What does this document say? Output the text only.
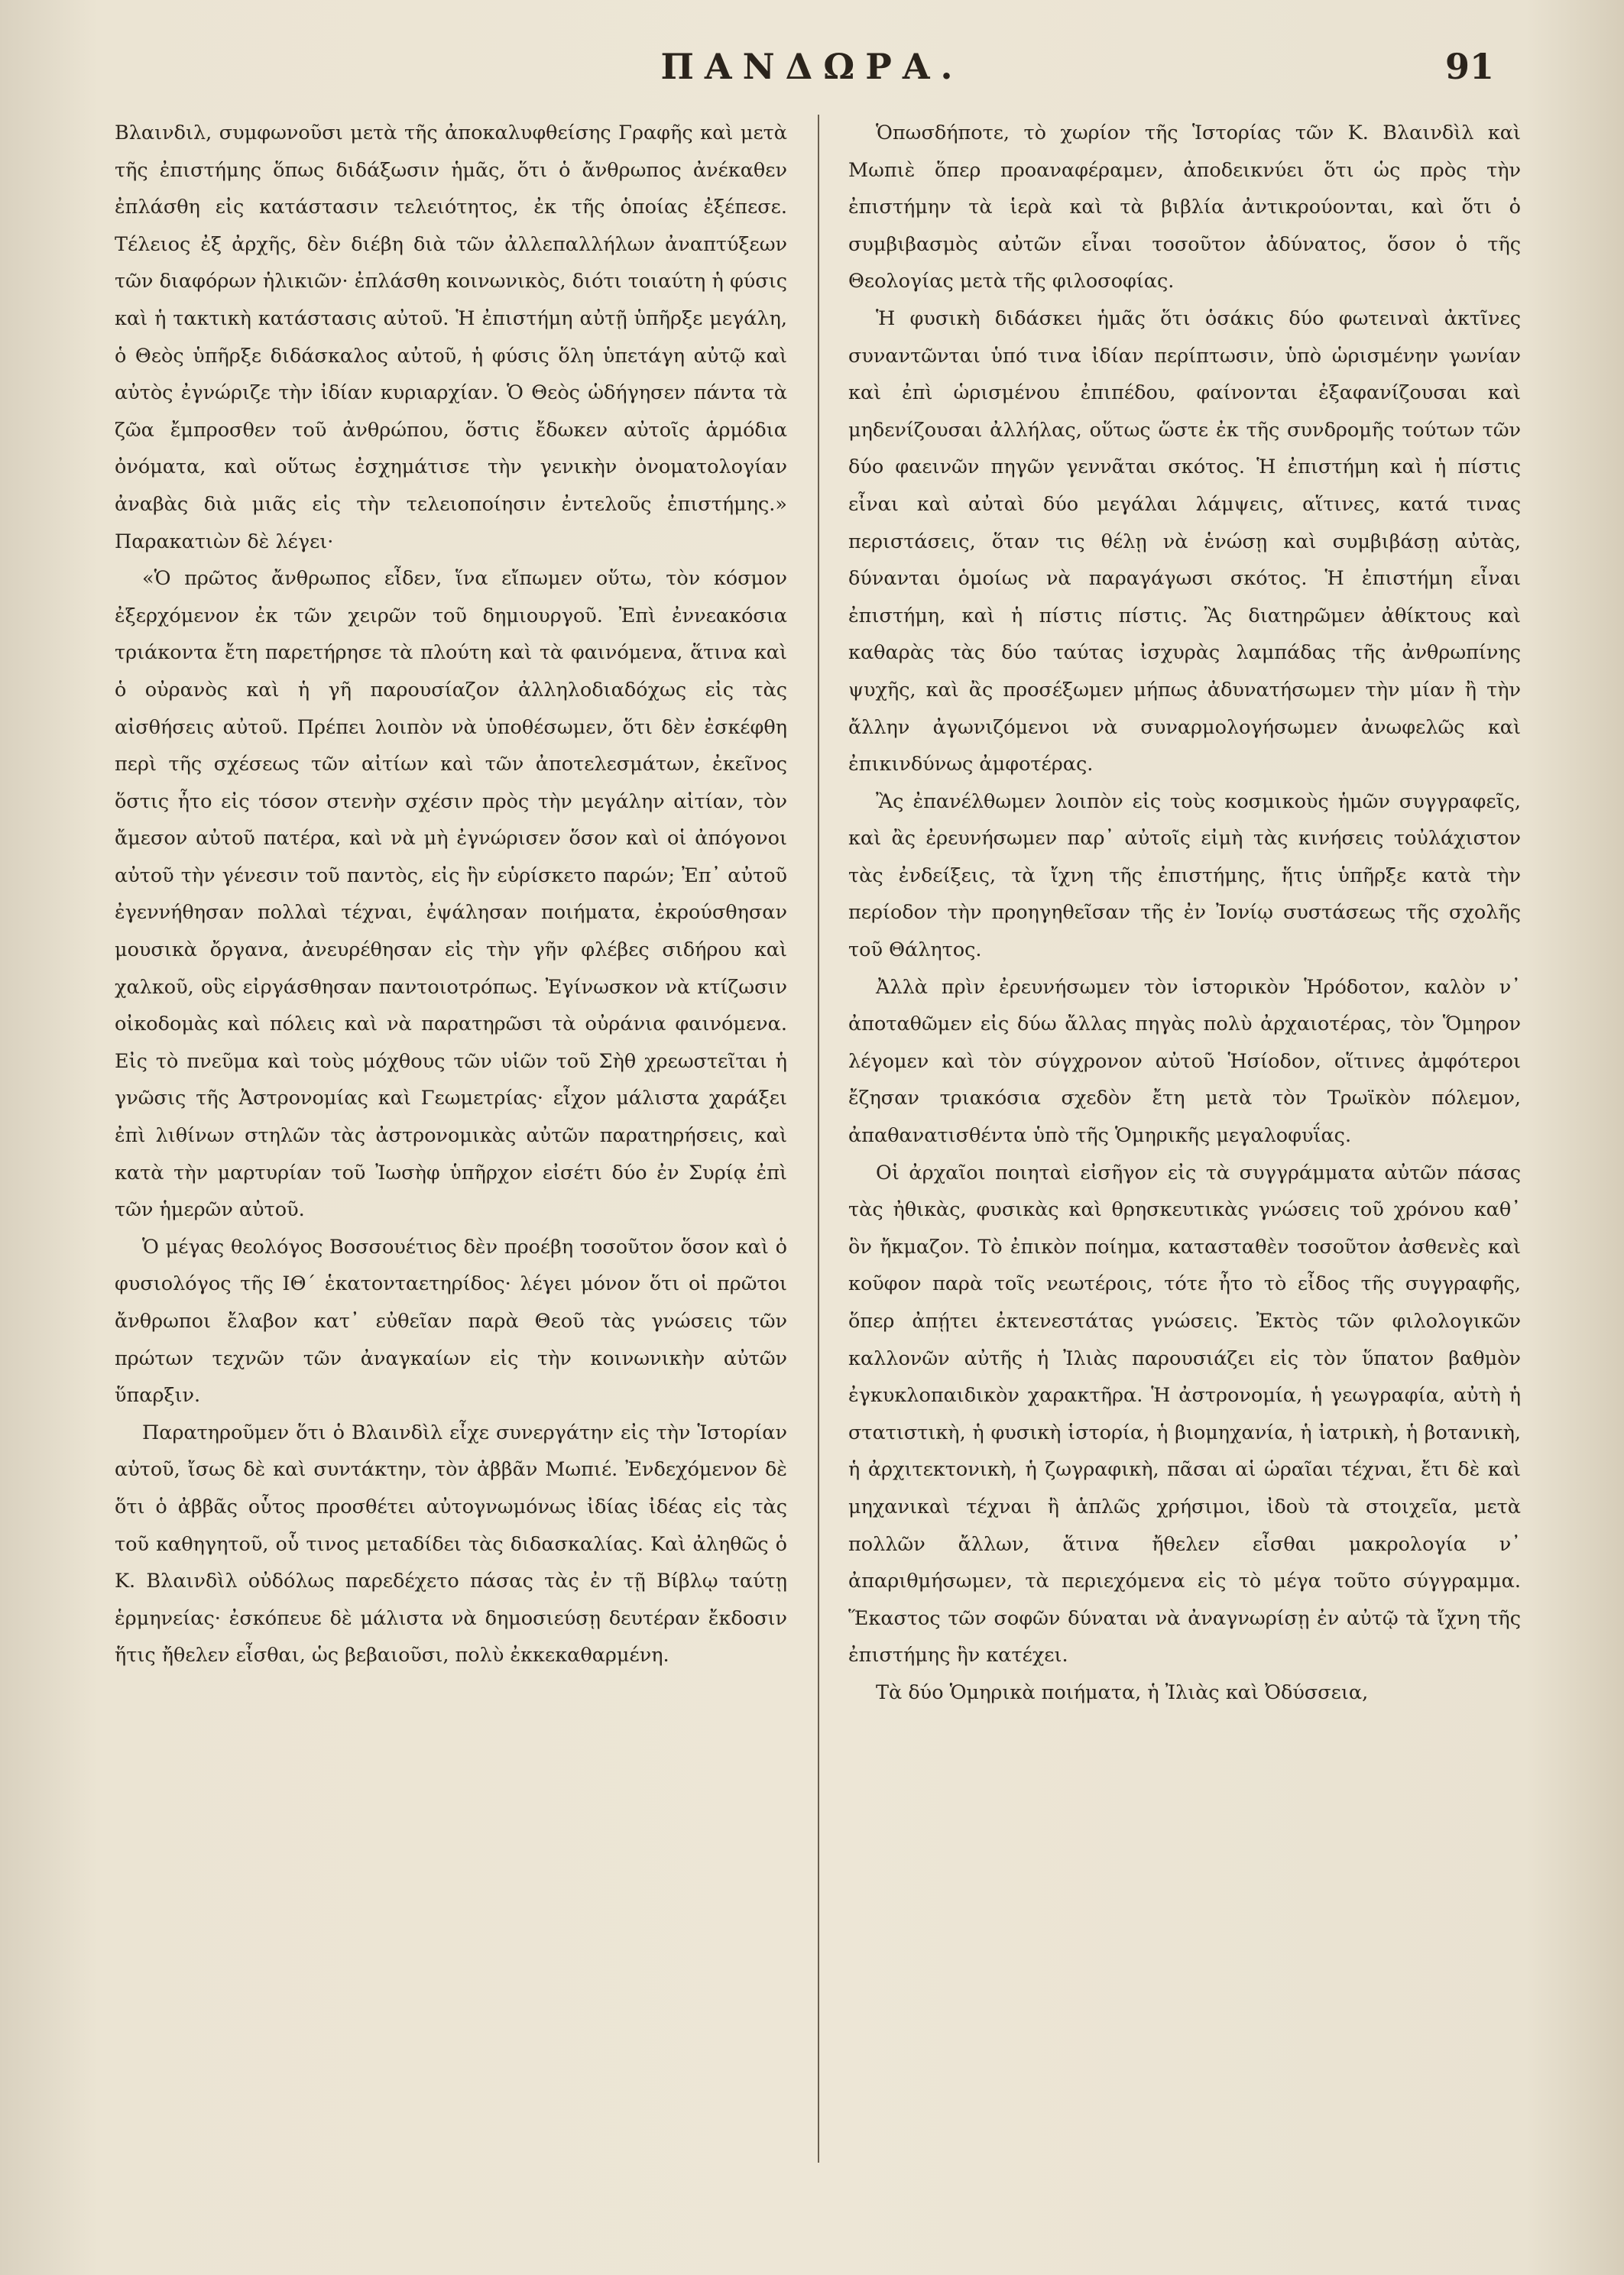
ΠΑΝΔΩΡΑ.	91

Βλαινδιλ, συμφωνοῦσι μετὰ τῆς ἀποκαλυφθείσης Γραφῆς καὶ μετὰ τῆς ἐπιστήμης ὅπως διδάξωσιν ἡμᾶς, ὅτι ὁ ἄνθρωπος ἀνέκαθεν ἐπλάσθη εἰς κατάστασιν τελειότητος, ἐκ τῆς ὁποίας ἐξέπεσε. Τέλειος ἐξ ἀρχῆς, δὲν διέβη διὰ τῶν ἀλλεπαλλήλων ἀναπτύξεων τῶν διαφόρων ἡλικιῶν· ἐπλάσθη κοινωνικὸς, διότι τοιαύτη ἡ φύσις καὶ ἡ τακτικὴ κατάστασις αὐτοῦ. Ἡ ἐπιστήμη αὐτῇ ὑπῆρξε μεγάλη, ὁ Θεὸς ὑπῆρξε διδάσκαλος αὐτοῦ, ἡ φύσις ὅλη ὑπετάγη αὐτῷ καὶ αὐτὸς ἐγνώριζε τὴν ἰδίαν κυριαρχίαν. Ὁ Θεὸς ὡδήγησεν πάντα τὰ ζῶα ἔμπροσθεν τοῦ ἀνθρώπου, ὅστις ἔδωκεν αὐτοῖς ἁρμόδια ὀνόματα, καὶ οὕτως ἐσχημάτισε τὴν γενικὴν ὀνοματολογίαν ἀναβὰς διὰ μιᾶς εἰς τὴν τελειοποίησιν ἐντελοῦς ἐπιστήμης.» Παρακατιὼν δὲ λέγει·

«Ὁ πρῶτος ἄνθρωπος εἶδεν, ἵνα εἴπωμεν οὕτω, τὸν κόσμον ἐξερχόμενον ἐκ τῶν χειρῶν τοῦ δημιουργοῦ. Ἐπὶ ἐννεακόσια τριάκοντα ἔτη παρετήρησε τὰ πλούτη καὶ τὰ φαινόμενα, ἅτινα καὶ ὁ οὐρανὸς καὶ ἡ γῆ παρουσίαζον ἀλληλοδιαδόχως εἰς τὰς αἰσθήσεις αὐτοῦ. Πρέπει λοιπὸν νὰ ὑποθέσωμεν, ὅτι δὲν ἐσκέφθη περὶ τῆς σχέσεως τῶν αἰτίων καὶ τῶν ἀποτελεσμάτων, ἐκεῖνος ὅστις ἦτο εἰς τόσον στενὴν σχέσιν πρὸς τὴν μεγάλην αἰτίαν, τὸν ἄμεσον αὐτοῦ πατέρα, καὶ νὰ μὴ ἐγνώρισεν ὅσον καὶ οἱ ἀπόγονοι αὐτοῦ τὴν γένεσιν τοῦ παντὸς, εἰς ἣν εὑρίσκετο παρών; Ἐπ᾽ αὐτοῦ ἐγεννήθησαν πολλαὶ τέχναι, ἐψάλησαν ποιήματα, ἐκρούσθησαν μουσικὰ ὄργανα, ἀνευρέθησαν εἰς τὴν γῆν φλέβες σιδήρου καὶ χαλκοῦ, οὓς εἰργάσθησαν παντοιοτρόπως. Ἐγίνωσκον νὰ κτίζωσιν οἰκοδομὰς καὶ πόλεις καὶ νὰ παρατηρῶσι τὰ οὐράνια φαινόμενα. Εἰς τὸ πνεῦμα καὶ τοὺς μόχθους τῶν υἱῶν τοῦ Σὴθ χρεωστεῖται ἡ γνῶσις τῆς Ἀστρονομίας καὶ Γεωμετρίας· εἶχον μάλιστα χαράξει ἐπὶ λιθίνων στηλῶν τὰς ἀστρονομικὰς αὐτῶν παρατηρήσεις, καὶ κατὰ τὴν μαρτυρίαν τοῦ Ἰωσὴφ ὑπῆρχον εἰσέτι δύο ἐν Συρίᾳ ἐπὶ τῶν ἡμερῶν αὐτοῦ.

Ὁ μέγας θεολόγος Βοσσουέτιος δὲν προέβη τοσοῦτον ὅσον καὶ ὁ φυσιολόγος τῆς ΙΘ´ ἑκατονταετηρίδος· λέγει μόνον ὅτι οἱ πρῶτοι ἄνθρωποι ἔλαβον κατ᾽ εὐθεῖαν παρὰ Θεοῦ τὰς γνώσεις τῶν πρώτων τεχνῶν τῶν ἀναγκαίων εἰς τὴν κοινωνικὴν αὐτῶν ὕπαρξιν.

Παρατηροῦμεν ὅτι ὁ Βλαινδὶλ εἶχε συνεργάτην εἰς τὴν Ἱστορίαν αὐτοῦ, ἴσως δὲ καὶ συντάκτην, τὸν ἀββᾶν Μωπιέ. Ἐνδεχόμενον δὲ ὅτι ὁ ἀββᾶς οὗτος προσθέτει αὐτογνωμόνως ἰδίας ἰδέας εἰς τὰς τοῦ καθηγητοῦ, οὗ τινος μεταδίδει τὰς διδασκαλίας. Καὶ ἀληθῶς ὁ Κ. Βλαινδὶλ οὐδόλως παρεδέχετο πάσας τὰς ἐν τῇ Βίβλῳ ταύτῃ ἑρμηνείας· ἐσκόπευε δὲ μάλιστα νὰ δημοσιεύσῃ δευτέραν ἔκδοσιν ἥτις ἤθελεν εἶσθαι, ὡς βεβαιοῦσι, πολὺ ἐκκεκαθαρμένη.

Ὁπωσδήποτε, τὸ χωρίον τῆς Ἱστορίας τῶν Κ. Βλαινδὶλ καὶ Μωπιὲ ὅπερ προαναφέραμεν, ἀποδεικνύει ὅτι ὡς πρὸς τὴν ἐπιστήμην τὰ ἱερὰ καὶ τὰ βιβλία ἀντικρούονται, καὶ ὅτι ὁ συμβιβασμὸς αὐτῶν εἶναι τοσοῦτον ἀδύνατος, ὅσον ὁ τῆς Θεολογίας μετὰ τῆς φιλοσοφίας.

Ἡ φυσικὴ διδάσκει ἡμᾶς ὅτι ὁσάκις δύο φωτειναὶ ἀκτῖνες συναντῶνται ὑπό τινα ἰδίαν περίπτωσιν, ὑπὸ ὡρισμένην γωνίαν καὶ ἐπὶ ὡρισμένου ἐπιπέδου, φαίνονται ἐξαφανίζουσαι καὶ μηδενίζουσαι ἀλλήλας, οὕτως ὥστε ἐκ τῆς συνδρομῆς τούτων τῶν δύο φαεινῶν πηγῶν γεννᾶται σκότος. Ἡ ἐπιστήμη καὶ ἡ πίστις εἶναι καὶ αὐταὶ δύο μεγάλαι λάμψεις, αἵτινες, κατά τινας περιστάσεις, ὅταν τις θέλῃ νὰ ἑνώσῃ καὶ συμβιβάσῃ αὐτὰς, δύνανται ὁμοίως νὰ παραγάγωσι σκότος. Ἡ ἐπιστήμη εἶναι ἐπιστήμη, καὶ ἡ πίστις πίστις. Ἂς διατηρῶμεν ἀθίκτους καὶ καθαρὰς τὰς δύο ταύτας ἰσχυρὰς λαμπάδας τῆς ἀνθρωπίνης ψυχῆς, καὶ ἂς προσέξωμεν μήπως ἀδυνατήσωμεν τὴν μίαν ἢ τὴν ἄλλην ἀγωνιζόμενοι νὰ συναρμολογήσωμεν ἀνωφελῶς καὶ ἐπικινδύνως ἀμφοτέρας.

Ἂς ἐπανέλθωμεν λοιπὸν εἰς τοὺς κοσμικοὺς ἡμῶν συγγραφεῖς, καὶ ἂς ἐρευνήσωμεν παρ᾽ αὐτοῖς εἰμὴ τὰς κινήσεις τοὐλάχιστον τὰς ἐνδείξεις, τὰ ἴχνη τῆς ἐπιστήμης, ἥτις ὑπῆρξε κατὰ τὴν περίοδον τὴν προηγηθεῖσαν τῆς ἐν Ἰονίῳ συστάσεως τῆς σχολῆς τοῦ Θάλητος.

Ἀλλὰ πρὶν ἐρευνήσωμεν τὸν ἱστορικὸν Ἡρόδοτον, καλὸν ν᾽ ἀποταθῶμεν εἰς δύω ἄλλας πηγὰς πολὺ ἀρχαιοτέρας, τὸν Ὅμηρον λέγομεν καὶ τὸν σύγχρονον αὐτοῦ Ἡσίοδον, οἵτινες ἀμφότεροι ἔζησαν τριακόσια σχεδὸν ἔτη μετὰ τὸν Τρωϊκὸν πόλεμον, ἀπαθανατισθέντα ὑπὸ τῆς Ὁμηρικῆς μεγαλοφυΐας.

Οἱ ἀρχαῖοι ποιηταὶ εἰσῆγον εἰς τὰ συγγράμματα αὐτῶν πάσας τὰς ἠθικὰς, φυσικὰς καὶ θρησκευτικὰς γνώσεις τοῦ χρόνου καθ᾽ ὃν ἤκμαζον. Τὸ ἐπικὸν ποίημα, κατασταθὲν τοσοῦτον ἀσθενὲς καὶ κοῦφον παρὰ τοῖς νεωτέροις, τότε ἦτο τὸ εἶδος τῆς συγγραφῆς, ὅπερ ἀπῄτει ἐκτενεστάτας γνώσεις. Ἐκτὸς τῶν φιλολογικῶν καλλονῶν αὐτῆς ἡ Ἰλιὰς παρουσιάζει εἰς τὸν ὕπατον βαθμὸν ἐγκυκλοπαιδικὸν χαρακτῆρα. Ἡ ἀστρονομία, ἡ γεωγραφία, αὐτὴ ἡ στατιστικὴ, ἡ φυσικὴ ἱστορία, ἡ βιομηχανία, ἡ ἰατρικὴ, ἡ βοτανικὴ, ἡ ἀρχιτεκτονικὴ, ἡ ζωγραφικὴ, πᾶσαι αἱ ὡραῖαι τέχναι, ἔτι δὲ καὶ μηχανικαὶ τέχναι ἢ ἁπλῶς χρήσιμοι, ἰδοὺ τὰ στοιχεῖα, μετὰ πολλῶν ἄλλων, ἅτινα ἤθελεν εἶσθαι μακρολογία ν᾽ ἀπαριθμήσωμεν, τὰ περιεχόμενα εἰς τὸ μέγα τοῦτο σύγγραμμα. Ἕκαστος τῶν σοφῶν δύναται νὰ ἀναγνωρίσῃ ἐν αὐτῷ τὰ ἴχνη τῆς ἐπιστήμης ἣν κατέχει.

Τὰ δύο Ὁμηρικὰ ποιήματα, ἡ Ἰλιὰς καὶ Ὀδύσσεια,
